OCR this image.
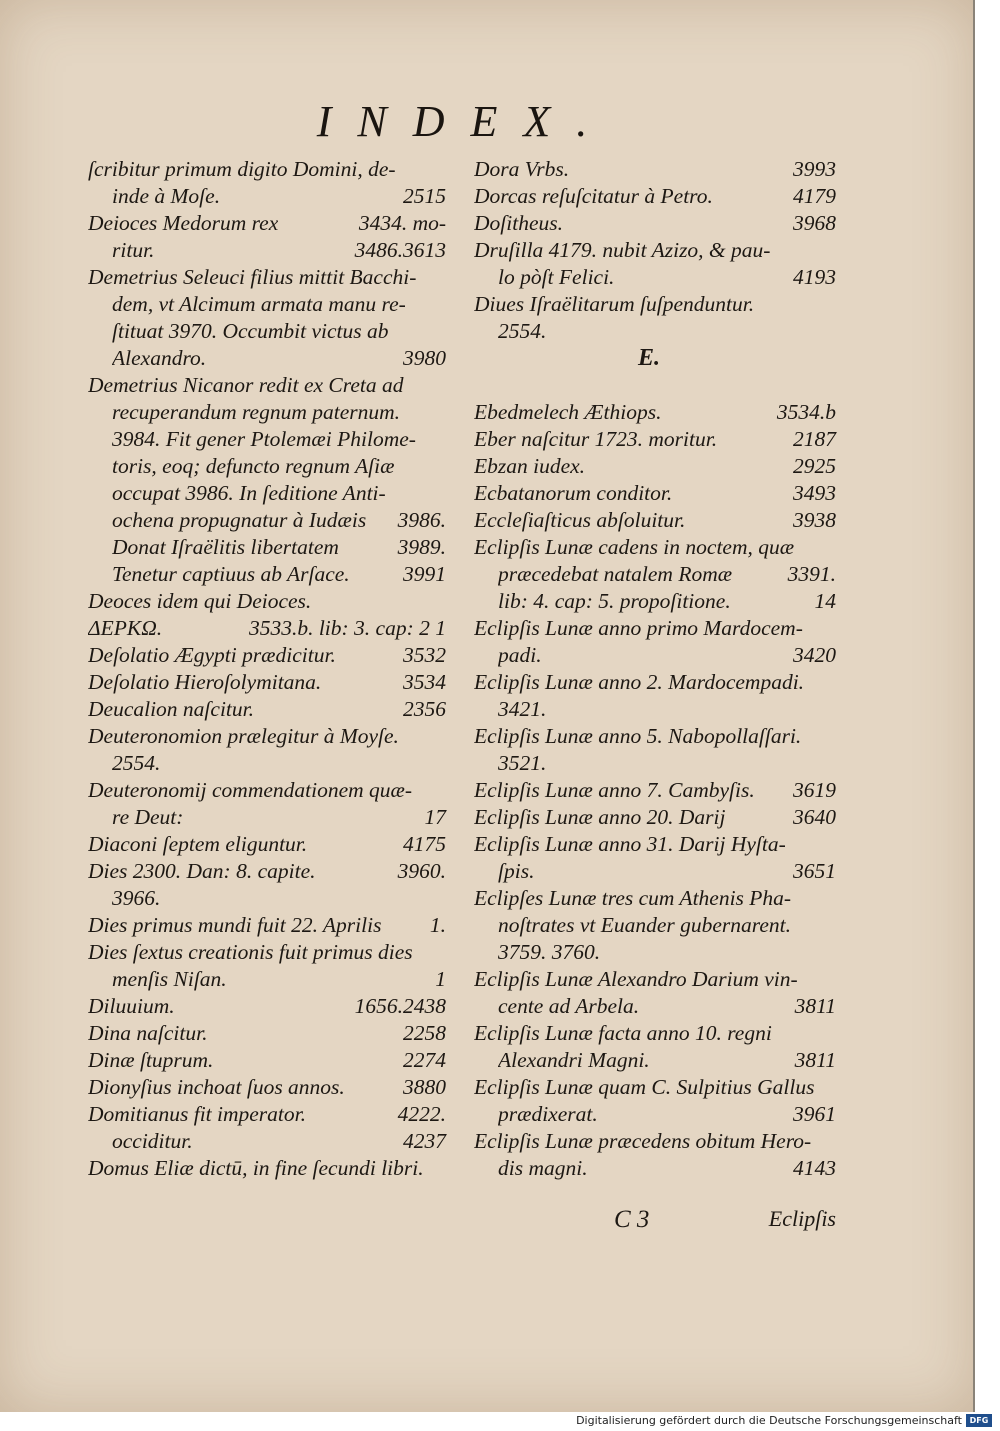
INDEX.
ſcribitur primum digito Domini, de‑
inde à Moſe.	2515
Deioces Medorum rex	3434. mo‑
ritur.	3486.3613
Demetrius Seleuci filius mittit Bacchi‑
dem, vt Alcimum armata manu re‑
ſtituat 3970. Occumbit victus ab
Alexandro.	3980
Demetrius Nicanor redit ex Creta ad
recuperandum regnum paternum.
3984. Fit gener Ptolemæi Philome‑
toris, eoq; defuncto regnum Aſiæ
occupat 3986. In ſeditione Anti‑
ochena propugnatur à Iudæis 3986.
Donat Iſraëlitis libertatem	3989.
Tenetur captiuus ab Arſace. 3991
Deoces idem qui Deioces.
ΔΕΡΚΩ.	3533.b. lib: 3. cap: 2 1
Deſolatio Ægypti prædicitur.	3532
Deſolatio Hieroſolymitana.	3534
Deucalion naſcitur.	2356
Deuteronomion prælegitur à Moyſe.
2554.
Deuteronomij commendationem quæ‑
re Deut:	17
Diaconi ſeptem eliguntur.	4175
Dies 2300. Dan: 8. capite.	3960.
3966.
Dies primus mundi fuit 22. Aprilis 1.
Dies ſextus creationis fuit primus dies
menſis Niſan.	1
Diluuium.	1656.2438
Dina naſcitur.	2258
Dinæ ſtuprum.	2274
Dionyſius inchoat ſuos annos.	3880
Domitianus fit imperator.	4222.
occiditur.	4237
Domus Eliæ dictū, in fine ſecundi libri.
Dora Vrbs.	3993
Dorcas reſuſcitatur à Petro.	4179
Doſitheus.	3968
Druſilla 4179. nubit Azizo, & pau‑
lo pòſt Felici.	4193
Diues Iſraëlitarum ſuſpenduntur.
2554.
E.
Ebedmelech Æthiops.	3534.b
Eber naſcitur 1723. moritur.	2187
Ebzan iudex.	2925
Ecbatanorum conditor.	3493
Eccleſiaſticus abſoluitur.	3938
Eclipſis Lunæ cadens in noctem, quæ
præcedebat natalem Romæ	3391.
lib: 4. cap: 5. propoſitione.	14
Eclipſis Lunæ anno primo Mardocem‑
padi.	3420
Eclipſis Lunæ anno 2. Mardocempadi.
3421.
Eclipſis Lunæ anno 5. Nabopollaſſari.
3521.
Eclipſis Lunæ anno 7. Cambyſis. 3619
Eclipſis Lunæ anno 20. Darij	3640
Eclipſis Lunæ anno 31. Darij Hyſta‑
ſpis.	3651
Eclipſes Lunæ tres cum Athenis Pha‑
noſtrates vt Euander gubernarent.
3759. 3760.
Eclipſis Lunæ Alexandro Darium vin‑
cente ad Arbela.	3811
Eclipſis Lunæ facta anno 10. regni
Alexandri Magni.	3811
Eclipſis Lunæ quam C. Sulpitius Gallus
prædixerat.	3961
Eclipſis Lunæ præcedens obitum Hero‑
dis magni.	4143
C 3	Eclipſis
Digitalisierung gefördert durch die Deutsche Forschungsgemeinschaft DFG
